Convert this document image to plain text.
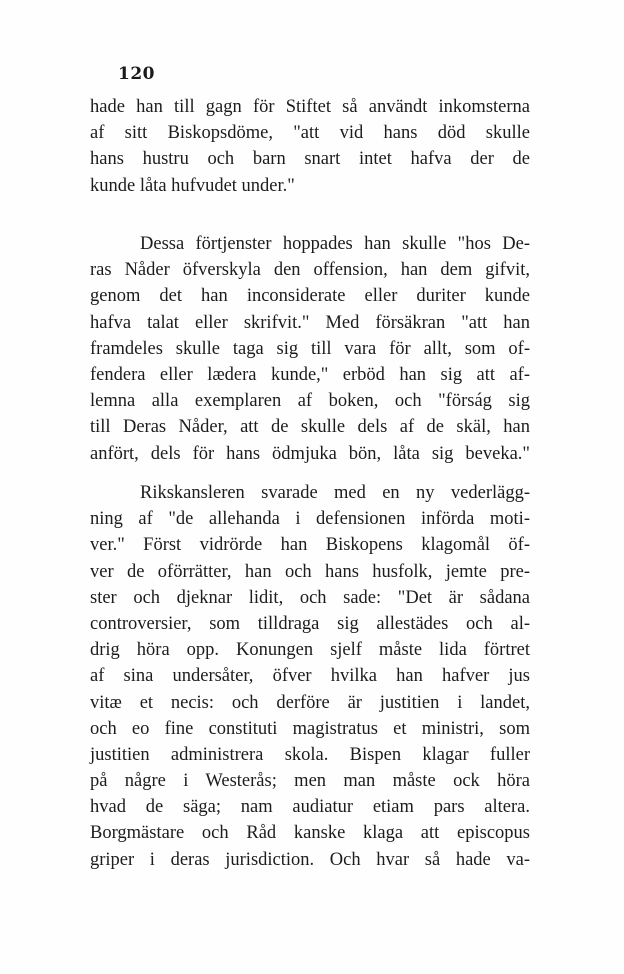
120
hade han till gagn för Stiftet så användt inkomsterna
af sitt Biskopsdöme, "att vid hans död skulle
hans hustru och barn snart intet hafva der de
kunde låta hufvudet under."
Dessa förtjenster hoppades han skulle "hos De-
ras Nåder öfverskyla den offension, han dem gifvit,
genom det han inconsiderate eller duriter kunde
hafva talat eller skrifvit." Med försäkran "att han
framdeles skulle taga sig till vara för allt, som of-
fendera eller lædera kunde," erböd han sig att af-
lemna alla exemplaren af boken, och "förság sig
till Deras Nåder, att de skulle dels af de skäl, han
anfört, dels för hans ödmjuka bön, låta sig beveka."
Rikskansleren svarade med en ny vederlägg-
ning af "de allehanda i defensionen införda moti-
ver." Först vidrörde han Biskopens klagomål öf-
ver de oförrätter, han och hans husfolk, jemte pre-
ster och djeknar lidit, och sade: "Det är sådana
controversier, som tilldraga sig allestädes och al-
drig höra opp. Konungen sjelf måste lida förtret
af sina undersåter, öfver hvilka han hafver jus
vitæ et necis: och derföre är justitien i landet,
och eo fine constituti magistratus et ministri, som
justitien administrera skola. Bispen klagar fuller
på någre i Westerås; men man måste ock höra
hvad de säga; nam audiatur etiam pars altera.
Borgmästare och Råd kanske klaga att episcopus
griper i deras jurisdiction. Och hvar så hade va-
